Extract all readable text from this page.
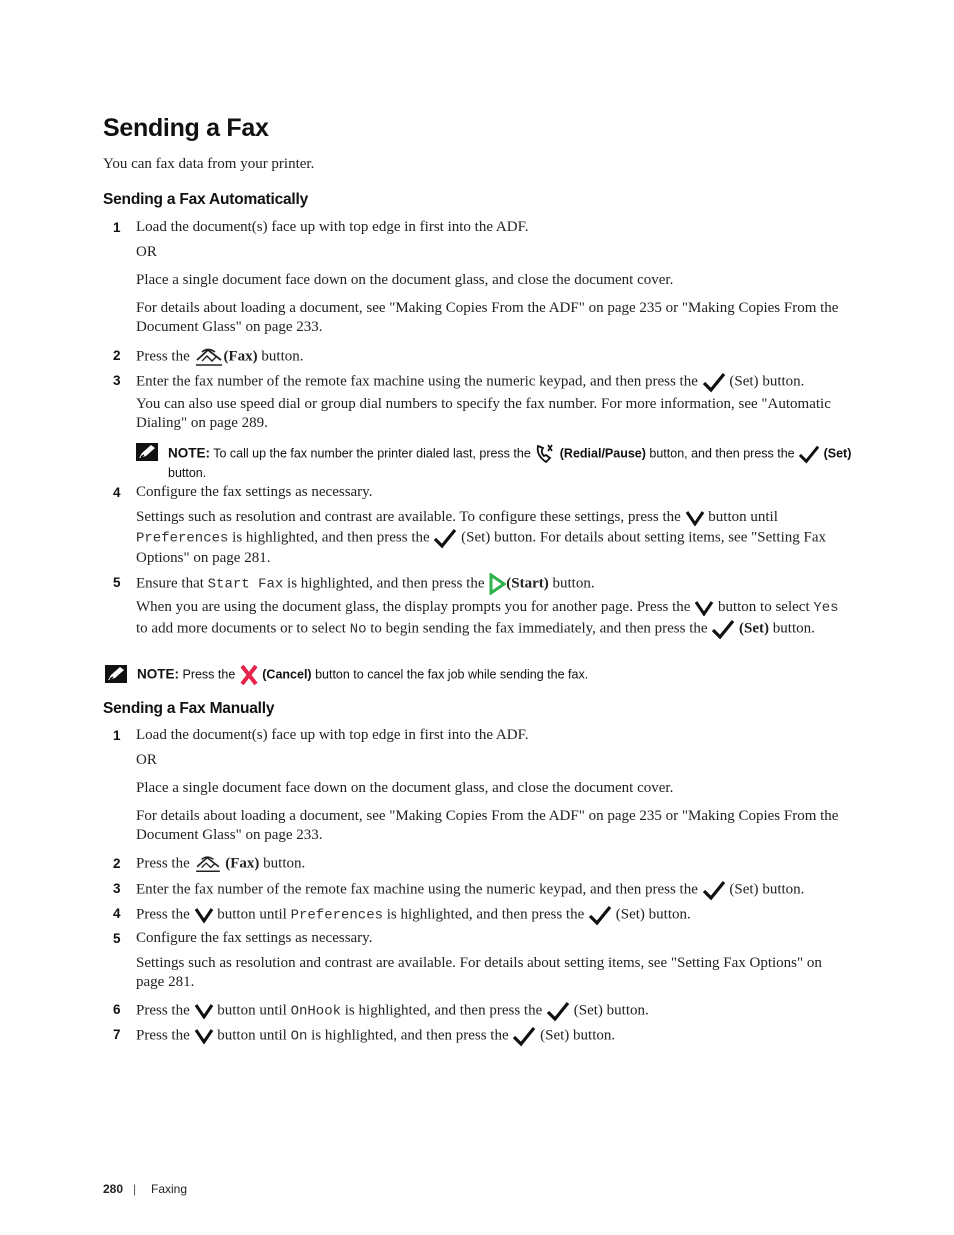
Sending a Fax
You can fax data from your printer.
Sending a Fax Automatically
1 Load the document(s) face up with top edge in first into the ADF.
OR
Place a single document face down on the document glass, and close the document cover.
For details about loading a document, see "Making Copies From the ADF" on page 235 or "Making Copies From the Document Glass" on page 233.
2 Press the (Fax) button.
3 Enter the fax number of the remote fax machine using the numeric keypad, and then press the (Set) button.
You can also use speed dial or group dial numbers to specify the fax number. For more information, see "Automatic Dialing" on page 289.
NOTE: To call up the fax number the printer dialed last, press the (Redial/Pause) button, and then press the (Set) button.
4 Configure the fax settings as necessary.
Settings such as resolution and contrast are available. To configure these settings, press the button until Preferences is highlighted, and then press the (Set) button. For details about setting items, see "Setting Fax Options" on page 281.
5 Ensure that Start Fax is highlighted, and then press the (Start) button.
When you are using the document glass, the display prompts you for another page. Press the button to select Yes to add more documents or to select No to begin sending the fax immediately, and then press the (Set) button.
NOTE: Press the (Cancel) button to cancel the fax job while sending the fax.
Sending a Fax Manually
1 Load the document(s) face up with top edge in first into the ADF.
OR
Place a single document face down on the document glass, and close the document cover.
For details about loading a document, see "Making Copies From the ADF" on page 235 or "Making Copies From the Document Glass" on page 233.
2 Press the (Fax) button.
3 Enter the fax number of the remote fax machine using the numeric keypad, and then press the (Set) button.
4 Press the button until Preferences is highlighted, and then press the (Set) button.
5 Configure the fax settings as necessary.
Settings such as resolution and contrast are available. For details about setting items, see "Setting Fax Options" on page 281.
6 Press the button until OnHook is highlighted, and then press the (Set) button.
7 Press the button until On is highlighted, and then press the (Set) button.
280 | Faxing
